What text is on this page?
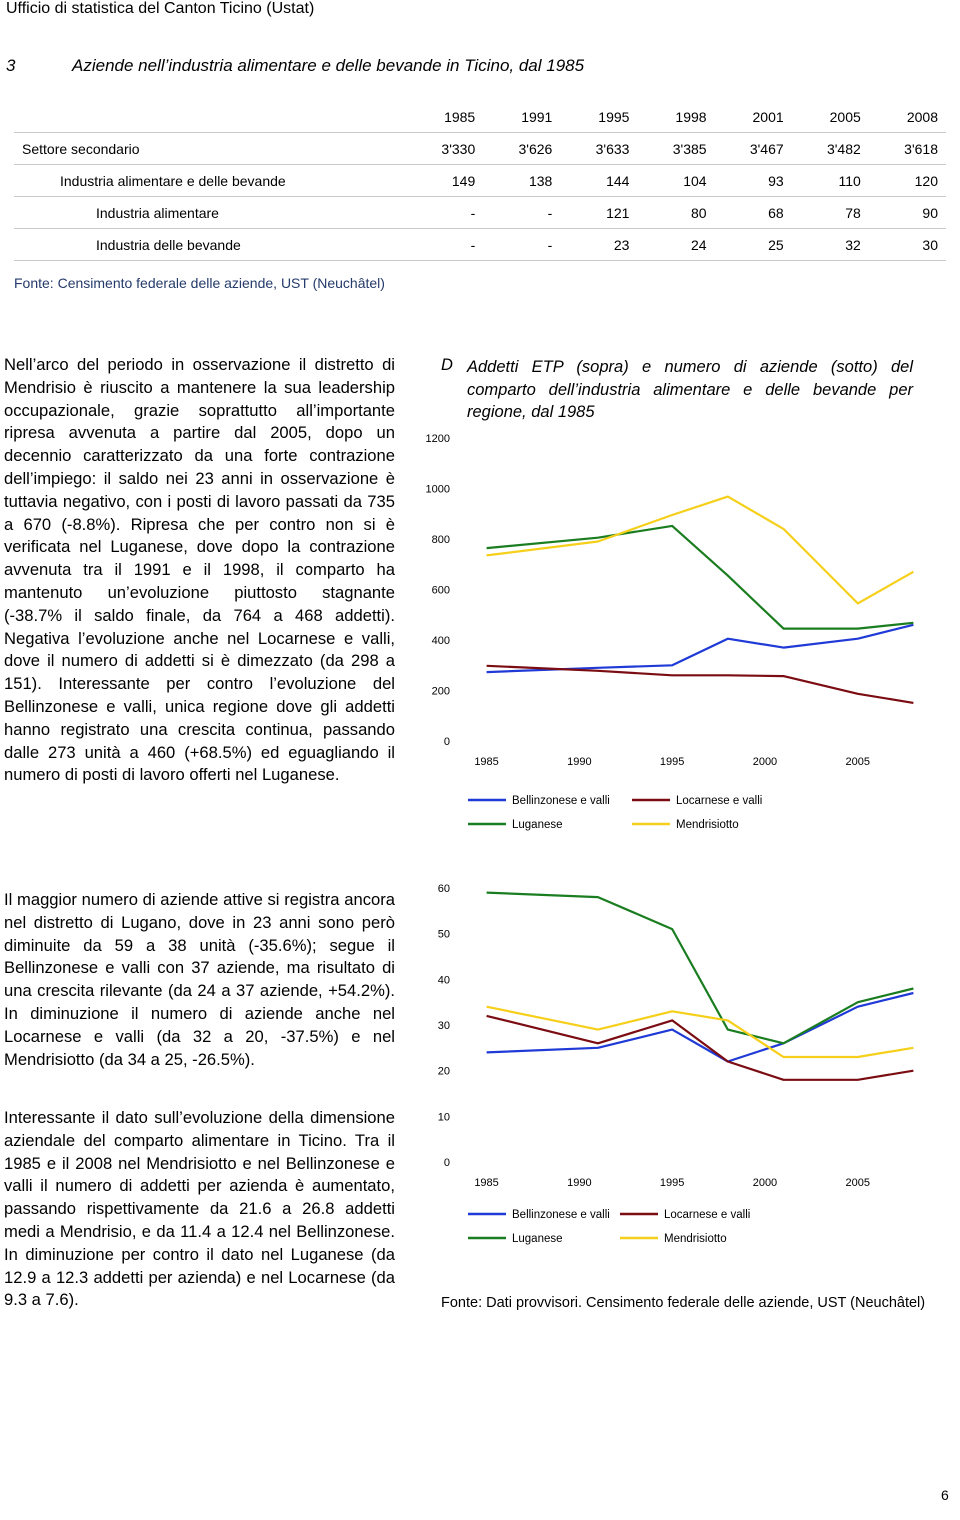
Ufficio di statistica del Canton Ticino (Ustat)
3	Aziende nell’industria alimentare e delle bevande in Ticino, dal 1985
	1985	1991	1995	1998	2001	2005	2008
Settore secondario	3'330	3'626	3'633	3'385	3'467	3'482	3'618
Industria alimentare e delle bevande	149	138	144	104	93	110	120
Industria alimentare	-	-	121	80	68	78	90
Industria delle bevande	-	-	23	24	25	32	30
Fonte: Censimento federale delle aziende, UST (Neuchâtel)

Nell’arco del periodo in osservazione il distretto di Mendrisio è riuscito a mantenere la sua leadership occupazionale, grazie soprattutto all’importante ripresa avvenuta a partire dal 2005, dopo un decennio caratterizzato da una forte contrazione dell’impiego: il saldo nei 23 anni in osservazione è tuttavia negativo, con i posti di lavoro passati da 735 a 670 (-8.8%). Ripresa che per contro non si è verificata nel Luganese, dove dopo la contrazione avvenuta tra il 1991 e il 1998, il comparto ha mantenuto un’evoluzione piuttosto stagnante (-38.7% il saldo finale, da 764 a 468 addetti). Negativa l’evoluzione anche nel Locarnese e valli, dove il numero di addetti si è dimezzato (da 298 a 151). Interessante per contro l’evoluzione del Bellinzonese e valli, unica regione dove gli addetti hanno registrato una crescita continua, passando dalle 273 unità a 460 (+68.5%) ed eguagliando il numero di posti di lavoro offerti nel Luganese.

Il maggior numero di aziende attive si registra ancora nel distretto di Lugano, dove in 23 anni sono però diminuite da 59 a 38 unità (-35.6%); segue il Bellinzonese e valli con 37 aziende, ma risultato di una crescita rilevante (da 24 a 37 aziende, +54.2%). In diminuzione il numero di aziende anche nel Locarnese e valli (da 32 a 20, -37.5%) e nel Mendrisiotto (da 34 a 25, -26.5%).

Interessante il dato sull’evoluzione della dimensione aziendale del comparto alimentare in Ticino. Tra il 1985 e il 2008 nel Mendrisiotto e nel Bellinzonese e valli il numero di addetti per azienda è aumentato, passando rispettivamente da 21.6 a 26.8 addetti medi a Mendrisio, e da 11.4 a 12.4 nel Bellinzonese. In diminuzione per contro il dato nel Luganese (da 12.9 a 12.3 addetti per azienda) e nel Locarnese (da 9.3 a 7.6).

D Addetti ETP (sopra) e numero di aziende (sotto) del comparto dell’industria alimentare e delle bevande per regione, dal 1985
0
200
400
600
800
1000
1200
1985	1990	1995	2000	2005
Bellinzonese e valli	Locarnese e valli
Luganese	Mendrisiotto
0
10
20
30
40
50
60
1985	1990	1995	2000	2005
Bellinzonese e valli	Locarnese e valli
Luganese	Mendrisiotto
Fonte: Dati provvisori. Censimento federale delle aziende, UST (Neuchâtel)
6
